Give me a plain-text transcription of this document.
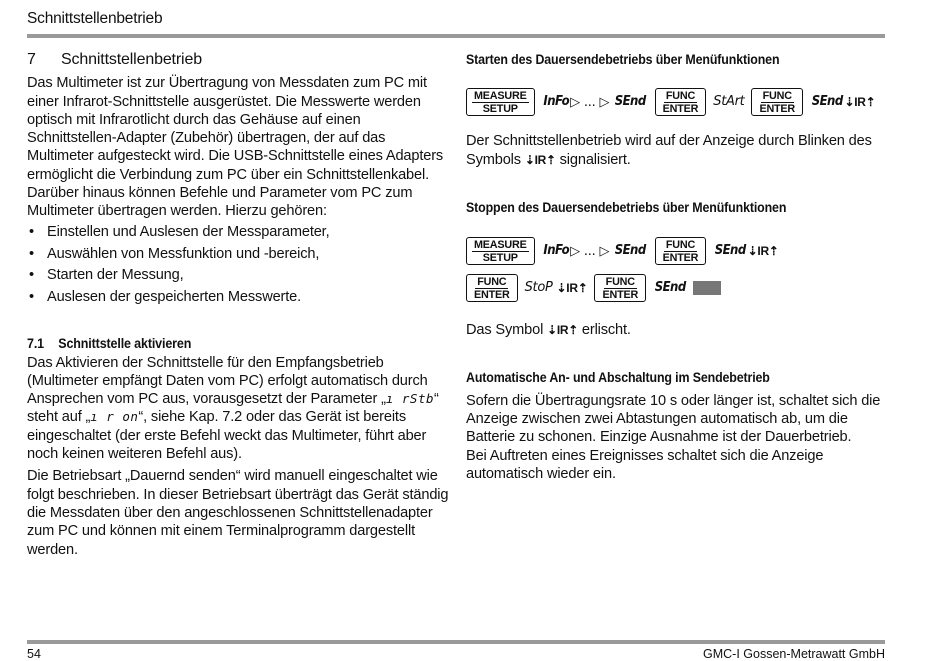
Schnittstellenbetrieb
7	Schnittstellenbetrieb

Das Multimeter ist zur Übertragung von Messdaten zum PC mit einer Infrarot-Schnittstelle ausgerüstet. Die Messwerte werden optisch mit Infrarotlicht durch das Gehäuse auf einen Schnittstellen-Adapter (Zubehör) übertragen, der auf das Multimeter aufgesteckt wird. Die USB-Schnittstelle eines Adapters ermöglicht die Verbindung zum PC über ein Schnittstellenkabel.

Darüber hinaus können Befehle und Parameter vom PC zum Multimeter übertragen werden. Hierzu gehören:

• Einstellen und Auslesen der Messparameter,
• Auswählen von Messfunktion und -bereich,
• Starten der Messung,
• Auslesen der gespeicherten Messwerte.
7.1	Schnittstelle aktivieren

Das Aktivieren der Schnittstelle für den Empfangsbetrieb (Multimeter empfängt Daten vom PC) erfolgt automatisch durch Ansprechen vom PC aus, vorausgesetzt der Parameter „ı rStb“ steht auf „ı r on“, siehe Kap. 7.2 oder das Gerät ist bereits eingeschaltet (der erste Befehl weckt das Multimeter, führt aber noch keinen weiteren Befehl aus).

Die Betriebsart „Dauernd senden“ wird manuell eingeschaltet wie folgt beschrieben. In dieser Betriebsart überträgt das Gerät ständig die Messdaten über den angeschlossenen Schnittstellenadapter zum PC und können mit einem Terminalprogramm dargestellt werden.

Starten des Dauersendebetriebs über Menüfunktionen
MEASURE
SETUP InFo ▷
...
▷
SEnd FUNC
ENTER StArt FUNC
ENTER SEnd ⇣IR⇡

Der Schnittstellenbetrieb wird auf der Anzeige durch Blinken des Symbols ⇣IR⇡ signalisiert.

Stoppen des Dauersendebetriebs über Menüfunktionen
MEASURE
SETUP InFo ▷
...
▷
SEnd FUNC
ENTER SEnd ⇣IR⇡
FUNC
ENTER StoP ⇣IR⇡ FUNC
ENTER SEnd

Das Symbol ⇣IR⇡ erlischt.

Automatische An- und Abschaltung im Sendebetrieb

Sofern die Übertragungsrate 10 s oder länger ist, schaltet sich die Anzeige zwischen zwei Abtastungen automatisch ab, um die Batterie zu schonen. Einzige Ausnahme ist der Dauerbetrieb.

Bei Auftreten eines Ereignisses schaltet sich die Anzeige automatisch wieder ein.

54	GMC-I Gossen-Metrawatt GmbH
